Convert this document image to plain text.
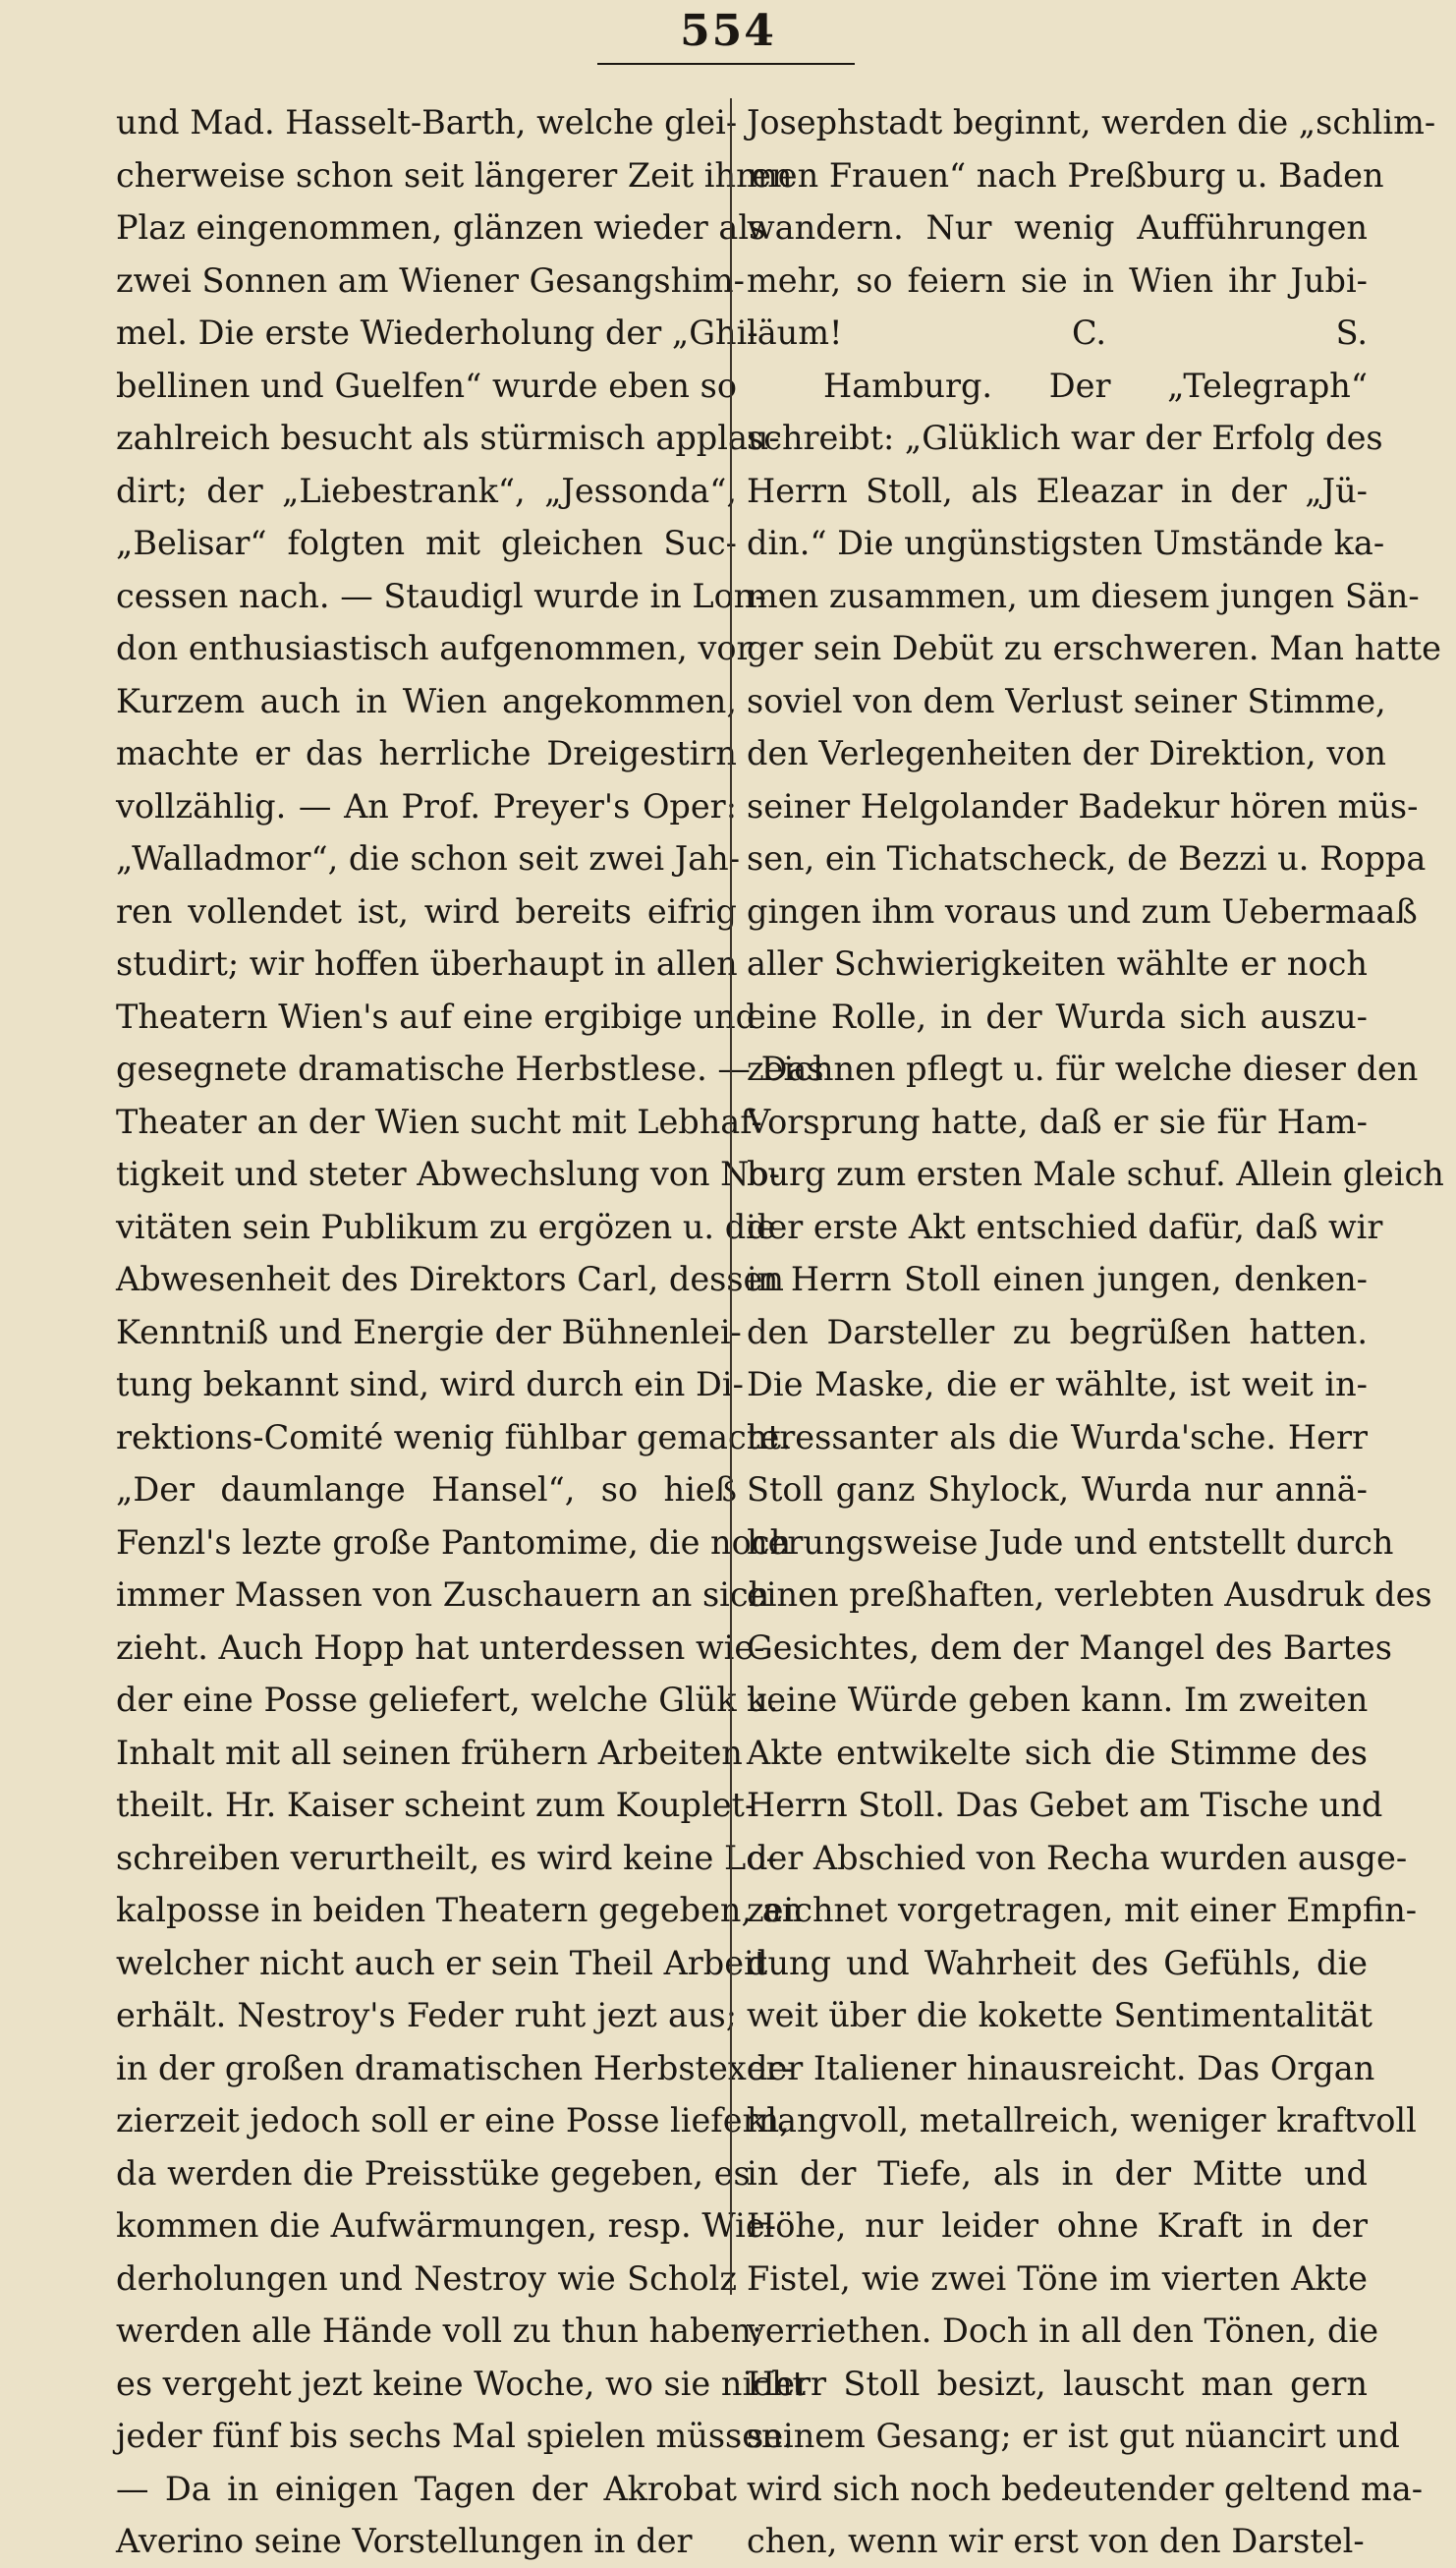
554
und Mad. Hasselt-Barth, welche glei-
cherweise schon seit längerer Zeit ihren
Plaz eingenommen, glänzen wieder als
zwei Sonnen am Wiener Gesangshim-
mel. Die erste Wiederholung der „Ghi-
bellinen und Guelfen“ wurde eben so
zahlreich besucht als stürmisch applau-
dirt; der „Liebestrank“, „Jessonda“,
„Belisar“ folgten mit gleichen Suc-
cessen nach. — Staudigl wurde in Lon-
don enthusiastisch aufgenommen, vor
Kurzem auch in Wien angekommen,
machte er das herrliche Dreigestirn
vollzählig. — An Prof. Preyer's Oper:
„Walladmor“, die schon seit zwei Jah-
ren vollendet ist, wird bereits eifrig
studirt; wir hoffen überhaupt in allen
Theatern Wien's auf eine ergibige und
gesegnete dramatische Herbstlese. — Das
Theater an der Wien sucht mit Lebhaf-
tigkeit und steter Abwechslung von No-
vitäten sein Publikum zu ergözen u. die
Abwesenheit des Direktors Carl, dessen
Kenntniß und Energie der Bühnenlei-
tung bekannt sind, wird durch ein Di-
rektions-Comité wenig fühlbar gemacht.
„Der daumlange Hansel“, so hieß
Fenzl's lezte große Pantomime, die noch
immer Massen von Zuschauern an sich
zieht. Auch Hopp hat unterdessen wie-
der eine Posse geliefert, welche Glük u.
Inhalt mit all seinen frühern Arbeiten
theilt. Hr. Kaiser scheint zum Kouplet-
schreiben verurtheilt, es wird keine Lo-
kalposse in beiden Theatern gegeben, an
welcher nicht auch er sein Theil Arbeit
erhält. Nestroy's Feder ruht jezt aus;
in der großen dramatischen Herbstexer-
zierzeit jedoch soll er eine Posse liefern,
da werden die Preisstüke gegeben, es
kommen die Aufwärmungen, resp. Wie-
derholungen und Nestroy wie Scholz
werden alle Hände voll zu thun haben;
es vergeht jezt keine Woche, wo sie nicht
jeder fünf bis sechs Mal spielen müssen.
— Da in einigen Tagen der Akrobat
Averino seine Vorstellungen in der
Josephstadt beginnt, werden die „schlim-
men Frauen“ nach Preßburg u. Baden
wandern. Nur wenig Aufführungen
mehr, so feiern sie in Wien ihr Jubi-
läum! C. S.
Hamburg. Der „Telegraph“
schreibt: „Glüklich war der Erfolg des
Herrn Stoll, als Eleazar in der „Jü-
din.“ Die ungünstigsten Umstände ka-
men zusammen, um diesem jungen Sän-
ger sein Debüt zu erschweren. Man hatte
soviel von dem Verlust seiner Stimme,
den Verlegenheiten der Direktion, von
seiner Helgolander Badekur hören müs-
sen, ein Tichatscheck, de Bezzi u. Roppa
gingen ihm voraus und zum Uebermaaß
aller Schwierigkeiten wählte er noch
eine Rolle, in der Wurda sich auszu-
zeichnen pflegt u. für welche dieser den
Vorsprung hatte, daß er sie für Ham-
burg zum ersten Male schuf. Allein gleich
der erste Akt entschied dafür, daß wir
in Herrn Stoll einen jungen, denken-
den Darsteller zu begrüßen hatten.
Die Maske, die er wählte, ist weit in-
teressanter als die Wurda'sche. Herr
Stoll ganz Shylock, Wurda nur annä-
herungsweise Jude und entstellt durch
einen preßhaften, verlebten Ausdruk des
Gesichtes, dem der Mangel des Bartes
keine Würde geben kann. Im zweiten
Akte entwikelte sich die Stimme des
Herrn Stoll. Das Gebet am Tische und
der Abschied von Recha wurden ausge-
zeichnet vorgetragen, mit einer Empfin-
dung und Wahrheit des Gefühls, die
weit über die kokette Sentimentalität
der Italiener hinausreicht. Das Organ
klangvoll, metallreich, weniger kraftvoll
in der Tiefe, als in der Mitte und
Höhe, nur leider ohne Kraft in der
Fistel, wie zwei Töne im vierten Akte
verriethen. Doch in all den Tönen, die
Herr Stoll besizt, lauscht man gern
seinem Gesang; er ist gut nüancirt und
wird sich noch bedeutender geltend ma-
chen, wenn wir erst von den Darstel-
